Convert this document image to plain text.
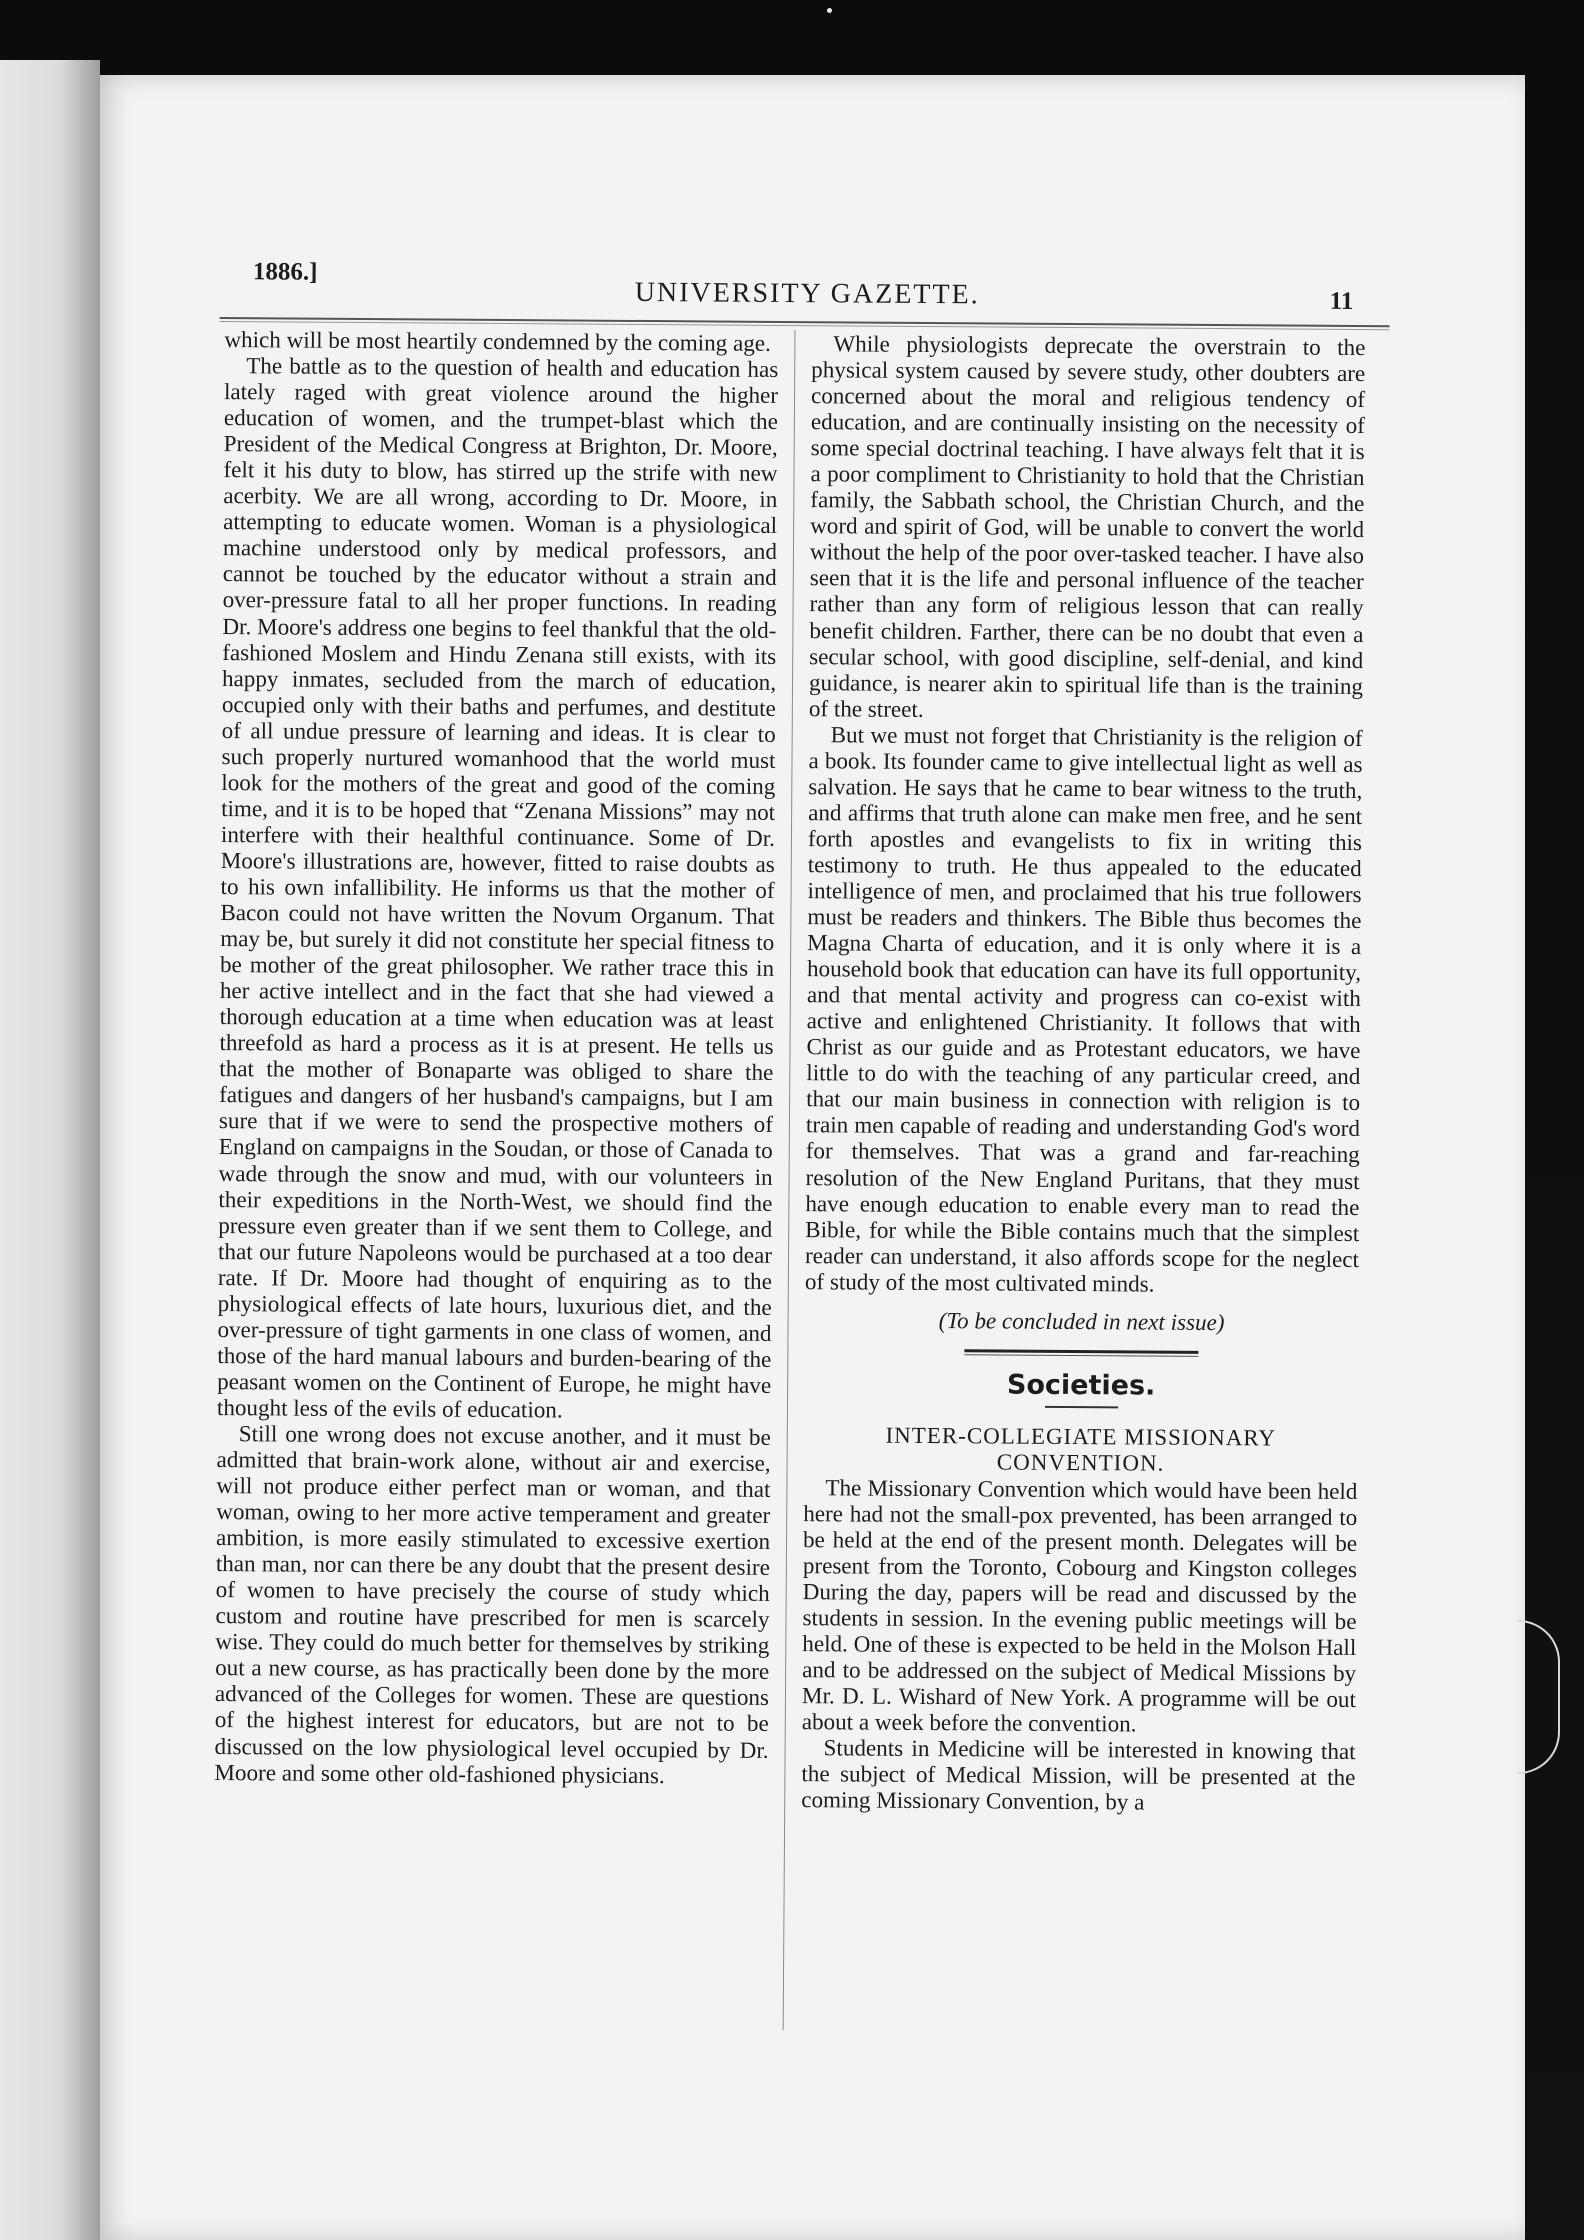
1886.]
UNIVERSITY GAZETTE.	11

which will be most heartily condemned by the coming age.

The battle as to the question of health and education has lately raged with great violence around the higher education of women, and the trumpet-blast which the President of the Medical Congress at Brighton, Dr. Moore, felt it his duty to blow, has stirred up the strife with new acerbity. We are all wrong, according to Dr. Moore, in attempting to educate women. Woman is a physiological machine understood only by medical professors, and cannot be touched by the educator without a strain and over-pressure fatal to all her proper functions. In reading Dr. Moore's address one begins to feel thankful that the old-fashioned Moslem and Hindu Zenana still exists, with its happy inmates, secluded from the march of education, occupied only with their baths and perfumes, and destitute of all undue pressure of learning and ideas. It is clear to such properly nurtured womanhood that the world must look for the mothers of the great and good of the coming time, and it is to be hoped that “Zenana Missions” may not interfere with their healthful continuance. Some of Dr. Moore's illustrations are, however, fitted to raise doubts as to his own infallibility. He informs us that the mother of Bacon could not have written the Novum Organum. That may be, but surely it did not constitute her special fitness to be mother of the great philosopher. We rather trace this in her active intellect and in the fact that she had viewed a thorough education at a time when education was at least threefold as hard a process as it is at present. He tells us that the mother of Bonaparte was obliged to share the fatigues and dangers of her husband's campaigns, but I am sure that if we were to send the prospective mothers of England on campaigns in the Soudan, or those of Canada to wade through the snow and mud, with our volunteers in their expeditions in the North-West, we should find the pressure even greater than if we sent them to College, and that our future Napoleons would be purchased at a too dear rate. If Dr. Moore had thought of enquiring as to the physiological effects of late hours, luxurious diet, and the over-pressure of tight garments in one class of women, and those of the hard manual labours and burden-bearing of the peasant women on the Continent of Europe, he might have thought less of the evils of education.

Still one wrong does not excuse another, and it must be admitted that brain-work alone, without air and exercise, will not produce either perfect man or woman, and that woman, owing to her more active temperament and greater ambition, is more easily stimulated to excessive exertion than man, nor can there be any doubt that the present desire of women to have precisely the course of study which custom and routine have prescribed for men is scarcely wise. They could do much better for themselves by striking out a new course, as has practically been done by the more advanced of the Colleges for women. These are questions of the highest interest for educators, but are not to be discussed on the low physiological level occupied by Dr. Moore and some other old-fashioned physicians.

While physiologists deprecate the overstrain to the physical system caused by severe study, other doubters are concerned about the moral and religious tendency of education, and are continually insisting on the necessity of some special doctrinal teaching. I have always felt that it is a poor compliment to Christianity to hold that the Christian family, the Sabbath school, the Christian Church, and the word and spirit of God, will be unable to convert the world without the help of the poor over-tasked teacher. I have also seen that it is the life and personal influence of the teacher rather than any form of religious lesson that can really benefit children. Farther, there can be no doubt that even a secular school, with good discipline, self-denial, and kind guidance, is nearer akin to spiritual life than is the training of the street.

But we must not forget that Christianity is the religion of a book. Its founder came to give intellectual light as well as salvation. He says that he came to bear witness to the truth, and affirms that truth alone can make men free, and he sent forth apostles and evangelists to fix in writing this testimony to truth. He thus appealed to the educated intelligence of men, and proclaimed that his true followers must be readers and thinkers. The Bible thus becomes the Magna Charta of education, and it is only where it is a household book that education can have its full opportunity, and that mental activity and progress can co-exist with active and enlightened Christianity. It follows that with Christ as our guide and as Protestant educators, we have little to do with the teaching of any particular creed, and that our main business in connection with religion is to train men capable of reading and understanding God's word for themselves. That was a grand and far-reaching resolution of the New England Puritans, that they must have enough education to enable every man to read the Bible, for while the Bible contains much that the simplest reader can understand, it also affords scope for the neglect of study of the most cultivated minds.

(To be concluded in next issue)

Societies.
INTER-COLLEGIATE MISSIONARY
CONVENTION.

The Missionary Convention which would have been held here had not the small-pox prevented, has been arranged to be held at the end of the present month. Delegates will be present from the Toronto, Cobourg and Kingston colleges During the day, papers will be read and discussed by the students in session. In the evening public meetings will be held. One of these is expected to be held in the Molson Hall and to be addressed on the subject of Medical Missions by Mr. D. L. Wishard of New York. A programme will be out about a week before the convention.

Students in Medicine will be interested in knowing that the subject of Medical Mission, will be presented at the coming Missionary Convention, by a
